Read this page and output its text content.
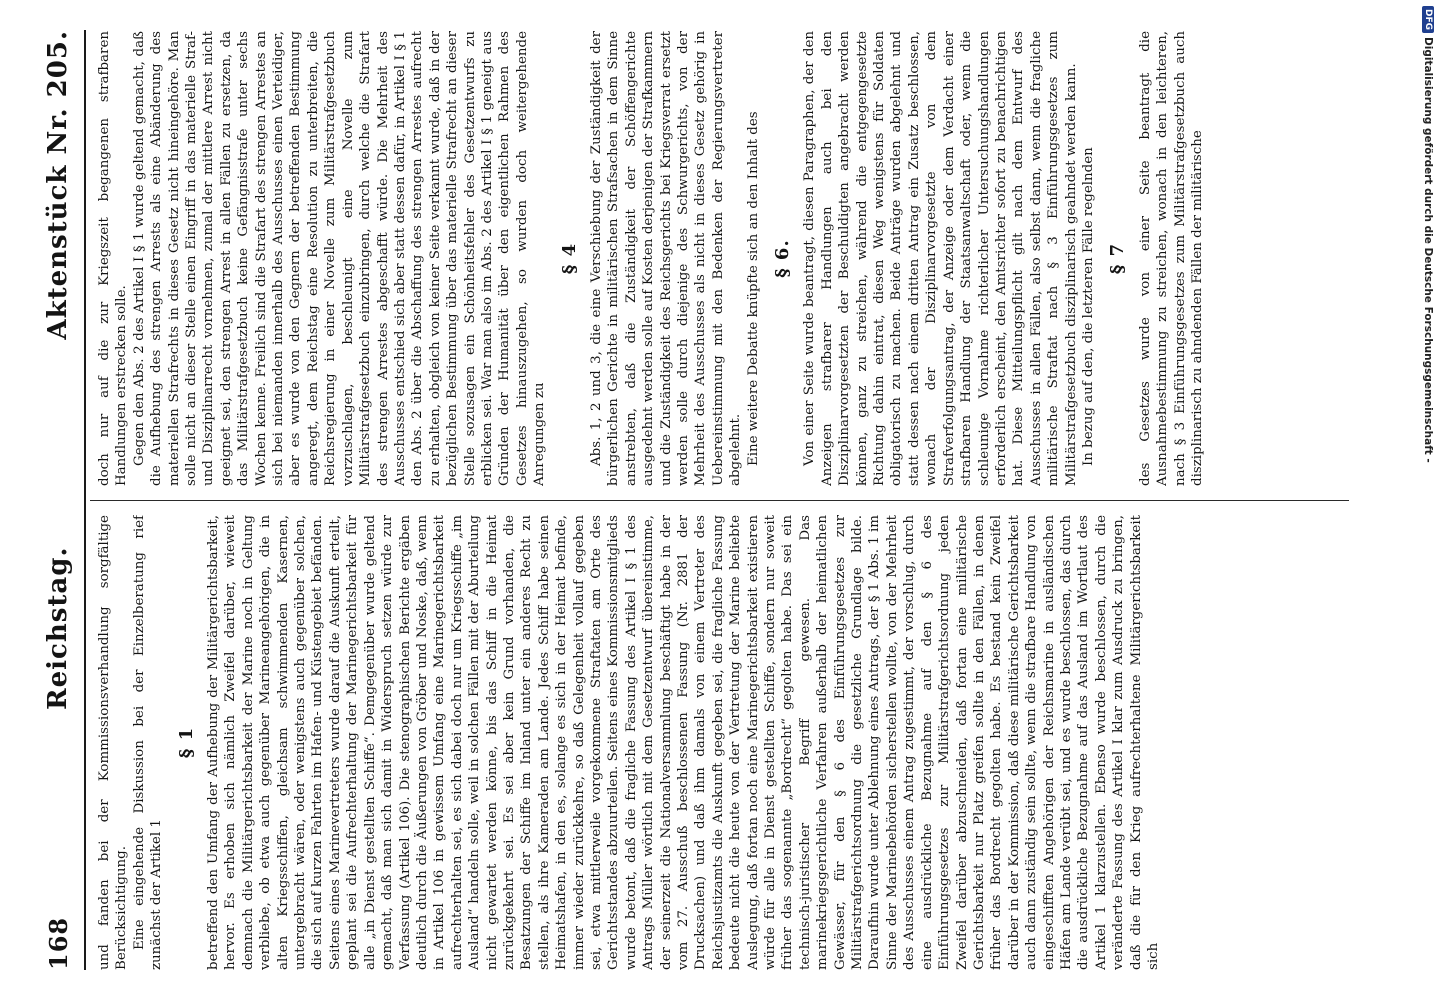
168
Reichstag.
Aktenstück Nr. 205.

und fanden bei der Kommissionsverhandlung sorgfältige Berücksichtigung. Eine eingehende Diskussion bei der Einzelberatung rief zunächst der Artikel 1

§ 1 betreffend den Umfang der Aufhebung der Militärgerichtsbarkeit, hervor. Es erhoben sich nämlich Zweifel darüber, wieweit demnach die Militärgerichtsbarkeit der Marine noch in Geltung verbliebe, ob etwa auch gegenüber Marineangehörigen, die in alten Kriegsschiffen, gleichsam schwimmenden Kasernen, untergebracht wären, oder wenigstens auch gegenüber solchen, die sich auf kurzen Fahrten im Hafen- und Küstengebiet befänden. Seitens eines Marinevertreters wurde darauf die Auskunft erteilt, geplant sei die Aufrechterhaltung der Marinegerichtsbarkeit für alle „in Dienst gestellten Schiffe“. Demgegenüber wurde geltend gemacht, daß man sich damit in Widerspruch setzen würde zur Verfassung (Artikel 106). Die stenographischen Berichte ergäben deutlich durch die Äußerungen von Gröber und Noske, daß, wenn in Artikel 106 in gewissem Umfang eine Marinegerichtsbarkeit aufrechterhalten sei, es sich dabei doch nur um Kriegsschiffe „im Ausland“ handeln solle, weil in solchen Fällen mit der Aburteilung nicht gewartet werden könne, bis das Schiff in die Heimat zurückgekehrt sei. Es sei aber kein Grund vorhanden, die Besatzungen der Schiffe im Inland unter ein anderes Recht zu stellen, als ihre Kameraden am Lande. Jedes Schiff habe seinen Heimatshafen, in den es, solange es sich in der Heimat befinde, immer wieder zurückkehre, so daß Gelegenheit vollauf gegeben sei, etwa mittlerweile vorgekommene Straftaten am Orte des Gerichtsstandes abzuurteilen. Seitens eines Kommissionsmitglieds wurde betont, daß die fragliche Fassung des Artikel I § 1 des Antrags Müller wörtlich mit dem Gesetzentwurf übereinstimme, der seinerzeit die Nationalversammlung beschäftigt habe in der vom 27. Ausschuß beschlossenen Fassung (Nr. 2881 der Drucksachen) und daß ihm damals von einem Vertreter des Reichsjustizamts die Auskunft gegeben sei, die fragliche Fassung bedeute nicht die heute von der Vertretung der Marine beliebte Auslegung, daß fortan noch eine Marinegerichtsbarkeit existieren würde für alle in Dienst gestellten Schiffe, sondern nur soweit früher das sogenannte „Bordrecht“ gegolten habe. Das sei ein technisch-juristischer Begriff gewesen. Das marinekriegsgerichtliche Verfahren außerhalb der heimatlichen Gewässer, für den § 6 des Einführungsgesetzes zur Militärstrafgerichtsordnung die gesetzliche Grundlage bilde. Daraufhin wurde unter Ablehnung eines Antrags, der § 1 Abs. 1 im Sinne der Marinebehörden sicherstellen wollte, von der Mehrheit des Ausschusses einem Antrag zugestimmt, der vorschlug, durch eine ausdrückliche Bezugnahme auf den § 6 des Einführungsgesetzes zur Militärstrafgerichtsordnung jeden Zweifel darüber abzuschneiden, daß fortan eine militärische Gerichtsbarkeit nur Platz greifen sollte in den Fällen, in denen früher das Bordrecht gegolten habe. Es bestand kein Zweifel darüber in der Kommission, daß diese militärische Gerichtsbarkeit auch dann zuständig sein sollte, wenn die strafbare Handlung von eingeschifften Angehörigen der Reichsmarine in ausländischen Häfen am Lande verübt sei, und es wurde beschlossen, das durch die ausdrückliche Bezugnahme auf das Ausland im Wortlaut des Artikel 1 klarzustellen. Ebenso wurde beschlossen, durch die veränderte Fassung des Artikel I klar zum Ausdruck zu bringen, daß die für den Krieg aufrechterhaltene Militärgerichtsbarkeit sich

doch nur auf die zur Kriegszeit begangenen strafbaren Handlungen erstrecken solle. Gegen den Abs. 2 des Artikel I § 1 wurde geltend gemacht, daß die Aufhebung des strengen Arrests als eine Abänderung des materiellen Strafrechts in dieses Gesetz nicht hineingehöre. Man solle nicht an dieser Stelle einen Eingriff in das materielle Straf- und Disziplinarrecht vornehmen, zumal der mittlere Arrest nicht geeignet sei, den strengen Arrest in allen Fällen zu ersetzen, da das Militärstrafgesetzbuch keine Gefängnisstrafe unter sechs Wochen kenne. Freilich sind die Strafart des strengen Arrestes an sich bei niemanden innerhalb des Ausschusses einen Verteidiger, aber es wurde von den Gegnern der betreffenden Bestimmung angeregt, dem Reichstag eine Resolution zu unterbreiten, die Reichsregierung in einer Novelle zum Militärstrafgesetzbuch vorzuschlagen, beschleunigt eine Novelle zum Militärstrafgesetzbuch einzubringen, durch welche die Strafart des strengen Arrestes abgeschafft würde. Die Mehrheit des Ausschusses entschied sich aber statt dessen dafür, in Artikel I § 1 den Abs. 2 über die Abschaffung des strengen Arrestes aufrecht zu erhalten, obgleich von keiner Seite verkannt wurde, daß in der bezüglichen Bestimmung über das materielle Strafrecht an dieser Stelle sozusagen ein Schönheitsfehler des Gesetzentwurfs zu erblicken sei. War man also im Abs. 2 des Artikel I § 1 geneigt aus Gründen der Humanität über den eigentlichen Rahmen des Gesetzes hinauszugehen, so wurden doch weitergehende Anregungen zu

§ 4 Abs. 1, 2 und 3, die eine Verschiebung der Zuständigkeit der bürgerlichen Gerichte in militärischen Strafsachen in dem Sinne anstrebten, daß die Zuständigkeit der Schöffengerichte ausgedehnt werden solle auf Kosten derjenigen der Strafkammern und die Zuständigkeit des Reichsgerichts bei Kriegsverrat ersetzt werden solle durch diejenige des Schwurgerichts, von der Mehrheit des Ausschusses als nicht in dieses Gesetz gehörig in Uebereinstimmung mit den Bedenken der Regierungsvertreter abgelehnt. Eine weitere Debatte knüpfte sich an den Inhalt des § 6. Von einer Seite wurde beantragt, diesen Paragraphen, der den Anzeigen strafbarer Handlungen auch bei den Disziplinarvorgesetzten der Beschuldigten angebracht werden können, ganz zu streichen, während die entgegengesetzte Richtung dahin eintrat, diesen Weg wenigstens für Soldaten obligatorisch zu machen. Beide Anträge wurden abgelehnt und statt dessen nach einem dritten Antrag ein Zusatz beschlossen, wonach der Disziplinarvorgesetzte von dem Strafverfolgungsantrag, der Anzeige oder dem Verdacht einer strafbaren Handlung der Staatsanwaltschaft oder, wenn die schleunige Vornahme richterlicher Untersuchungshandlungen erforderlich erscheint, den Amtsrichter sofort zu benachrichtigen hat. Diese Mitteilungspflicht gilt nach dem Entwurf des Ausschusses in allen Fällen, also selbst dann, wenn die fragliche militärische Straftat nach § 3 Einführungsgesetzes zum Militärstrafgesetzbuch disziplinarisch geahndet werden kann. In bezug auf den, die letzteren Fälle regelnden § 7 des Gesetzes wurde von einer Seite beantragt die Ausnahmebestimmung zu streichen, wonach in den leichteren, nach § 3 Einführungsgesetzes zum Militärstrafgesetzbuch auch disziplinarisch zu ahndenden Fällen der militärische

DFG
Digitalisierung gefördert durch die Deutsche Forschungsgemeinschaft -
